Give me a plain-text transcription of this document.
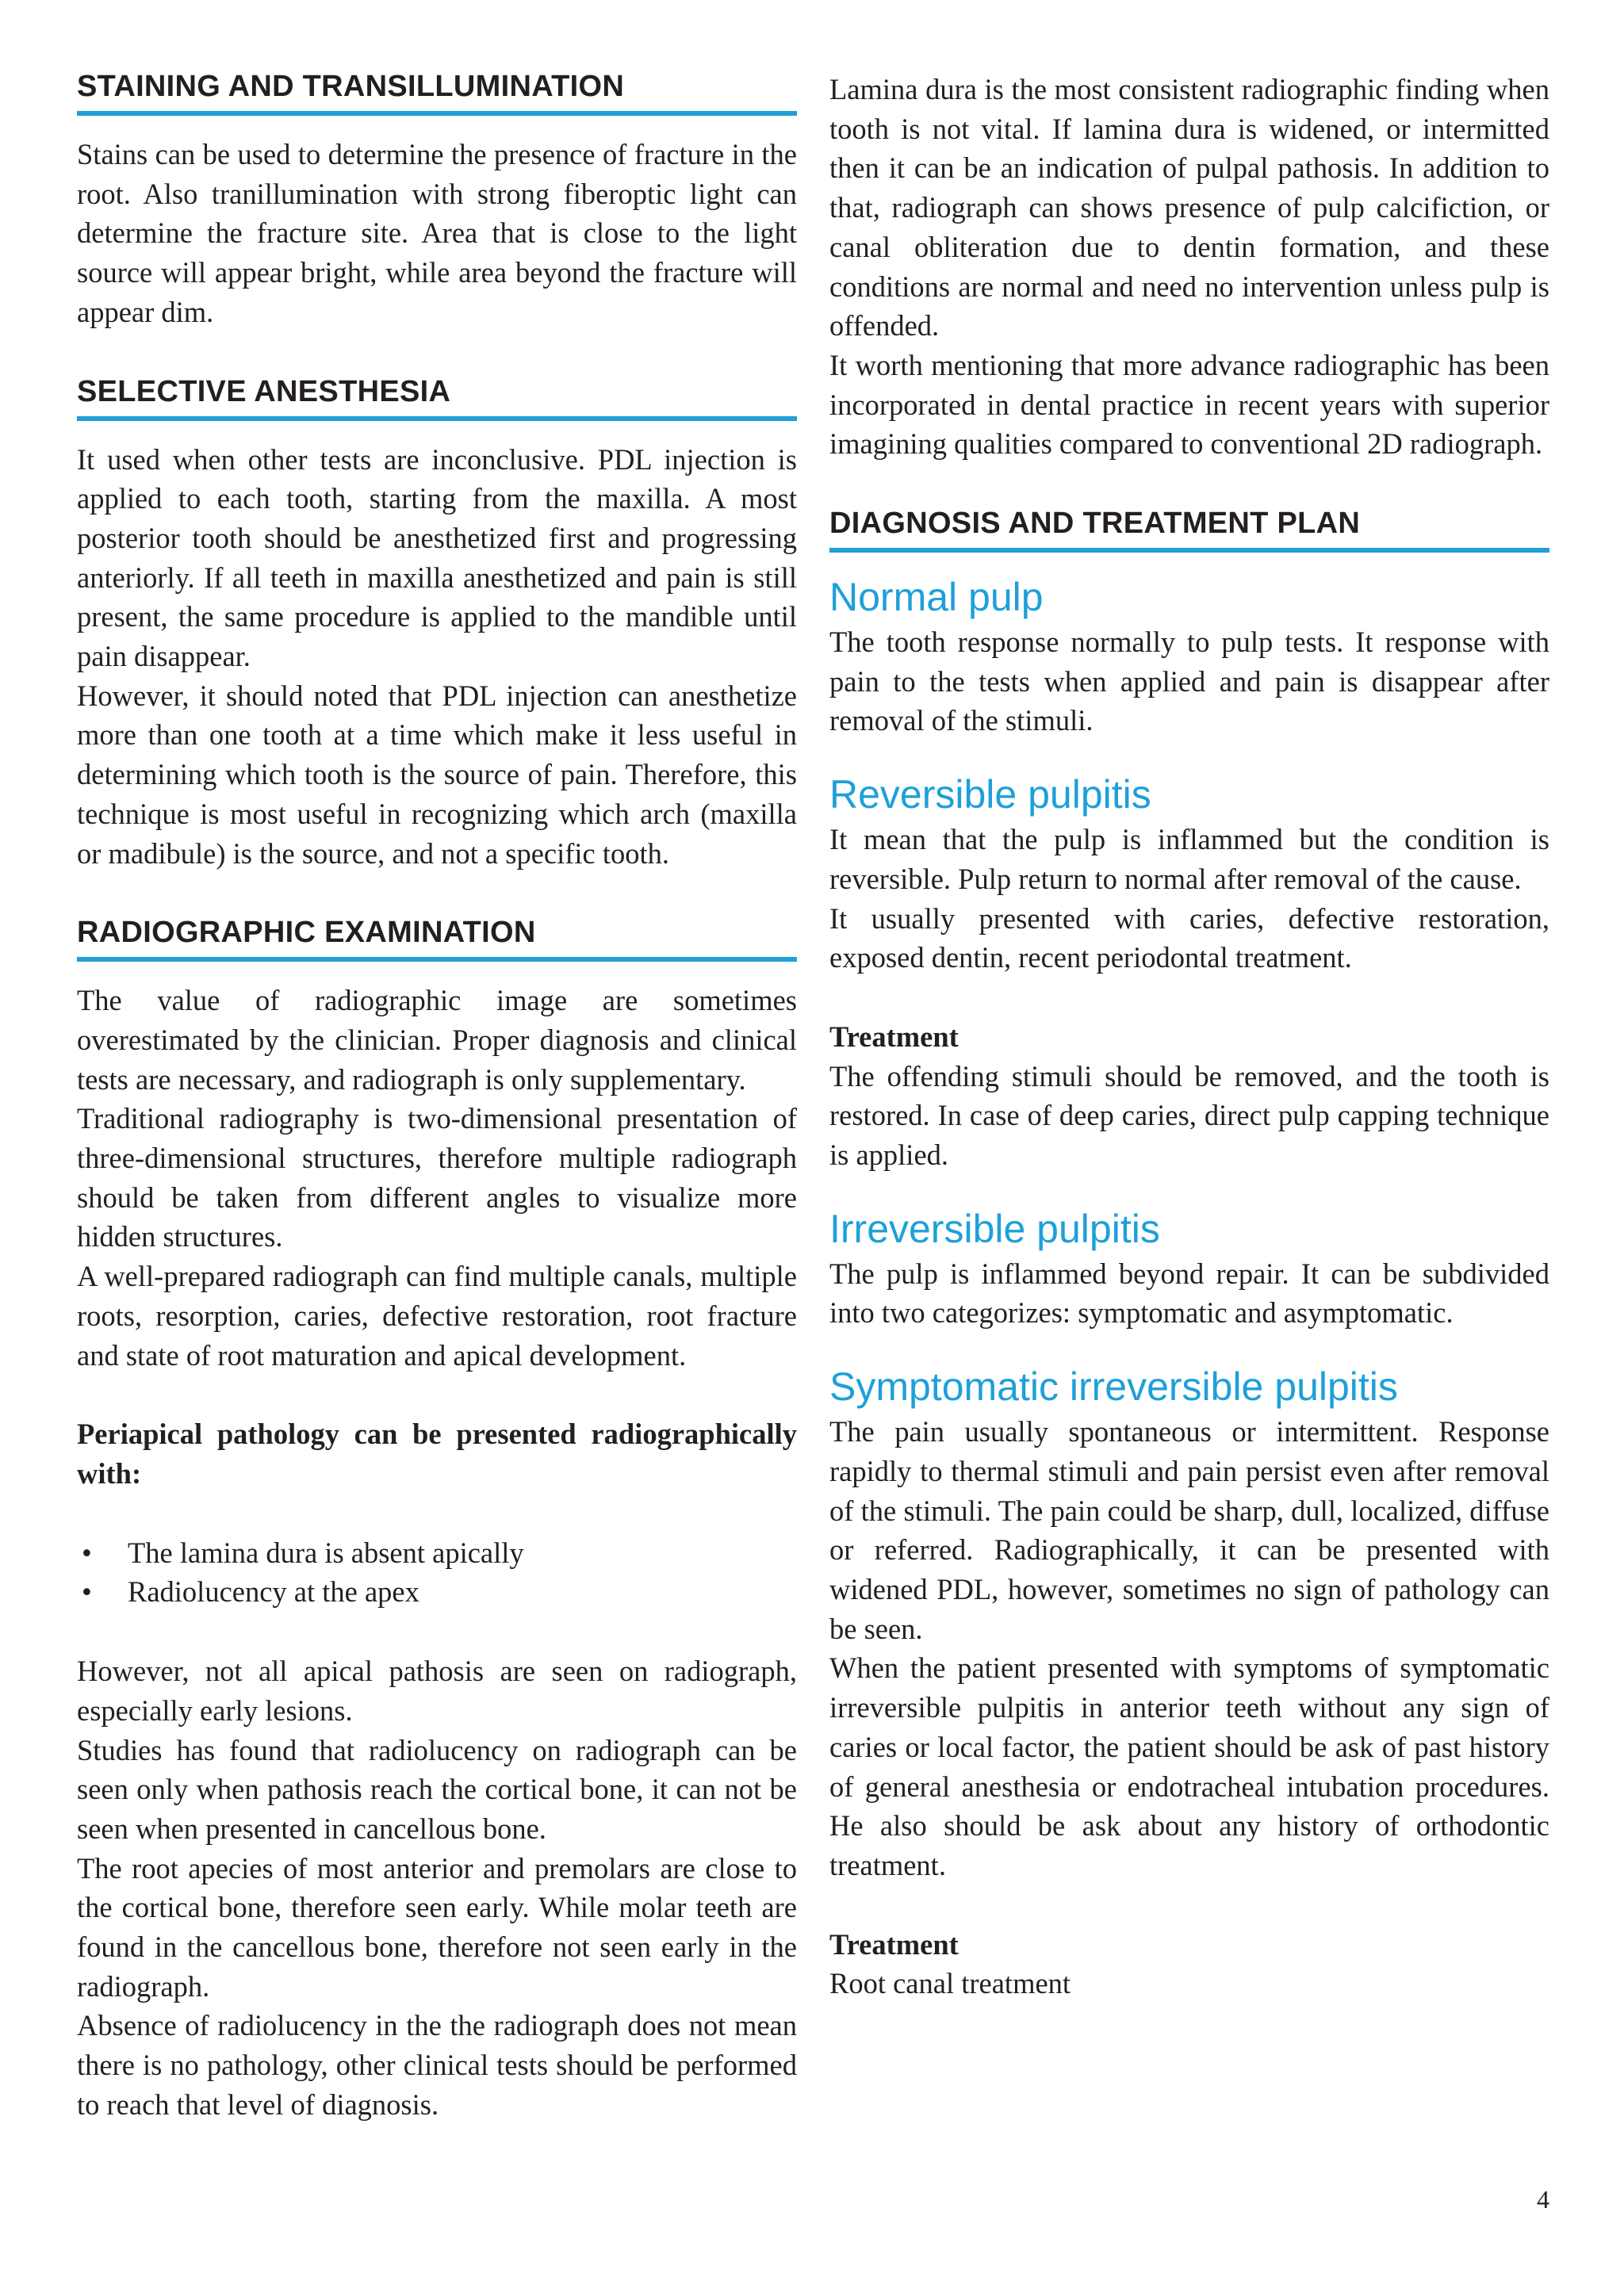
STAINING AND TRANSILLUMINATION

Stains can be used to determine the presence of fracture in the root. Also tranillumination with strong fiberoptic light can determine the fracture site. Area that is close to the light source will appear bright, while area beyond the fracture will appear dim.

SELECTIVE ANESTHESIA

It used when other tests are inconclusive. PDL injection is applied to each tooth, starting from the maxilla. A most posterior tooth should be anesthetized first and progressing anteriorly. If all teeth in maxilla anesthetized and pain is still present, the same procedure is applied to the mandible until pain disappear.

However, it should noted that PDL injection can anesthetize more than one tooth at a time which make it less useful in determining which tooth is the source of pain. Therefore, this technique is most useful in recognizing which arch (maxilla or madibule) is the source, and not a specific tooth.

RADIOGRAPHIC EXAMINATION

The value of radiographic image are sometimes overestimated by the clinician. Proper diagnosis and clinical tests are necessary, and radiograph is only supplementary.

Traditional radiography is two-dimensional presentation of three-dimensional structures, therefore multiple radiograph should be taken from different angles to visualize more hidden structures.

A well-prepared radiograph can find multiple canals, multiple roots, resorption, caries, defective restoration, root fracture and state of root maturation and apical development.

Periapical pathology can be presented radiographically with:

• The lamina dura is absent apically
• Radiolucency at the apex

However, not all apical pathosis are seen on radiograph, especially early lesions.

Studies has found that radiolucency on radiograph can be seen only when pathosis reach the cortical bone, it can not be seen when presented in cancellous bone.

The root apecies of most anterior and premolars are close to the cortical bone, therefore seen early. While molar teeth are found in the cancellous bone, therefore not seen early in the radiograph.

Absence of radiolucency in the the radiograph does not mean there is no pathology, other clinical tests should be performed to reach that level of diagnosis.

Lamina dura is the most consistent radiographic finding when tooth is not vital. If lamina dura is widened, or intermitted then it can be an indication of pulpal pathosis. In addition to that, radiograph can shows presence of pulp calcifiction, or canal obliteration due to dentin formation, and these conditions are normal and need no intervention unless pulp is offended.

It worth mentioning that more advance radiographic has been incorporated in dental practice in recent years with superior imagining qualities compared to conventional 2D radiograph.

DIAGNOSIS AND TREATMENT PLAN
Normal pulp

The tooth response normally to pulp tests. It response with pain to the tests when applied and pain is disappear after removal of the stimuli.

Reversible pulpitis

It mean that the pulp is inflammed but the condition is reversible. Pulp return to normal after removal of the cause.

It usually presented with caries, defective restoration, exposed dentin, recent periodontal treatment.

Treatment

The offending stimuli should be removed, and the tooth is restored. In case of deep caries, direct pulp capping technique is applied.

Irreversible pulpitis

The pulp is inflammed beyond repair. It can be subdivided into two categorizes: symptomatic and asymptomatic.

Symptomatic irreversible pulpitis

The pain usually spontaneous or intermittent. Response rapidly to thermal stimuli and pain persist even after removal of the stimuli. The pain could be sharp, dull, localized, diffuse or referred. Radiographically, it can be presented with widened PDL, however, sometimes no sign of pathology can be seen.

When the patient presented with symptoms of symptomatic irreversible pulpitis in anterior teeth without any sign of caries or local factor, the patient should be ask of past history of general anesthesia or endotracheal intubation procedures. He also should be ask about any history of orthodontic treatment.

Treatment

Root canal treatment

4
